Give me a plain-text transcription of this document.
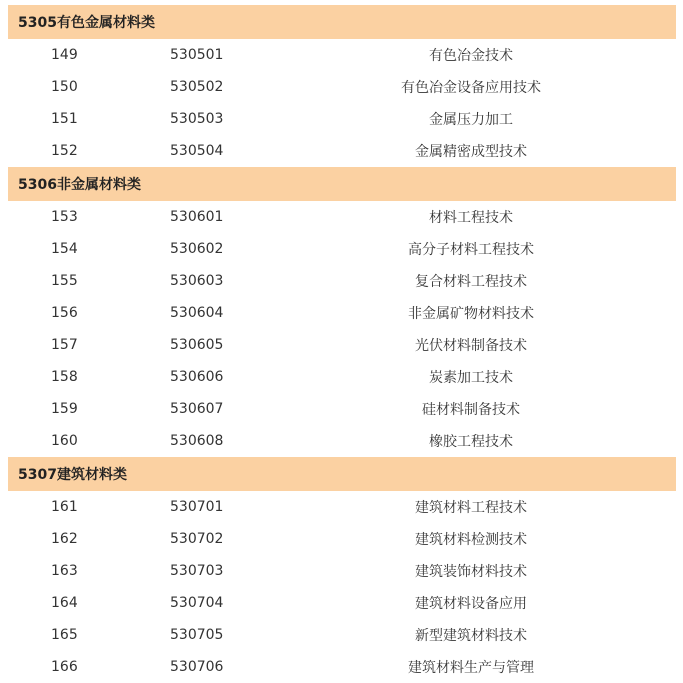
5305有色金属材料类
149	530501	有色冶金技术
150	530502	有色冶金设备应用技术
151	530503	金属压力加工
152	530504	金属精密成型技术
5306非金属材料类
153	530601	材料工程技术
154	530602	高分子材料工程技术
155	530603	复合材料工程技术
156	530604	非金属矿物材料技术
157	530605	光伏材料制备技术
158	530606	炭素加工技术
159	530607	硅材料制备技术
160	530608	橡胶工程技术
5307建筑材料类
161	530701	建筑材料工程技术
162	530702	建筑材料检测技术
163	530703	建筑装饰材料技术
164	530704	建筑材料设备应用
165	530705	新型建筑材料技术
166	530706	建筑材料生产与管理
